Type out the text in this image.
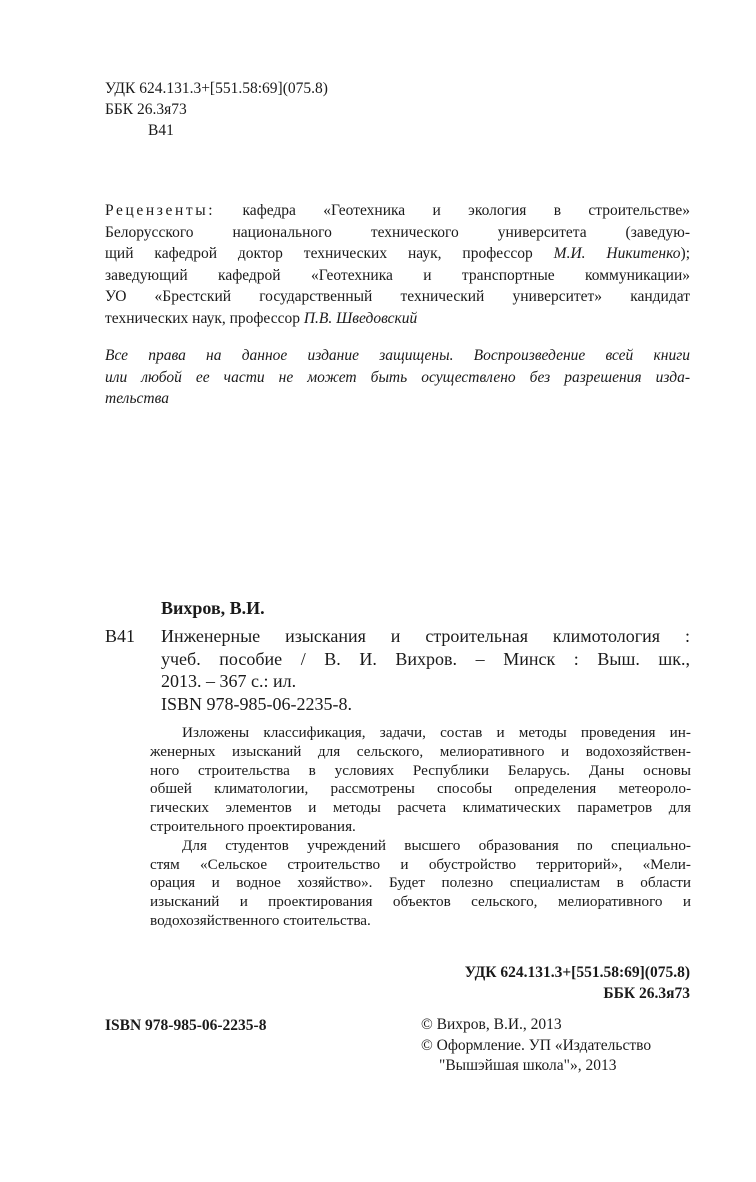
УДК 624.131.3+[551.58:69](075.8)
ББК 26.3я73
В41
Рецензенты: кафедра «Геотехника и экология в строительстве»
Белорусского национального технического университета (заведую-
щий кафедрой доктор технических наук, профессор М.И. Никитенко);
заведующий кафедрой «Геотехника и транспортные коммуникации»
УО «Брестский государственный технический университет» кандидат
технических наук, профессор П.В. Шведовский
Все права на данное издание защищены. Воспроизведение всей книги
или любой ее части не может быть осуществлено без разрешения изда-
тельства
Вихров, В.И.
В41 Инженерные изыскания и строительная климотология :
учеб. пособие / В. И. Вихров. – Минск : Выш. шк.,
2013. – 367 с.: ил.
ISBN 978-985-06-2235-8.
Изложены классификация, задачи, состав и методы проведения ин-
женерных изысканий для сельского, мелиоративного и водохозяйствен-
ного строительства в условиях Республики Беларусь. Даны основы
обшей климатологии, рассмотрены способы определения метеороло-
гических элементов и методы расчета климатических параметров для
строительного проектирования.
Для студентов учреждений высшего образования по специально-
стям «Сельское строительство и обустройство территорий», «Мели-
орация и водное хозяйство». Будет полезно специалистам в области
изысканий и проектирования объектов сельского, мелиоративного и
водохозяйственного стоительства.
УДК 624.131.3+[551.58:69](075.8)
ББК 26.3я73
ISBN 978-985-06-2235-8	© Вихров, В.И., 2013
© Оформление. УП «Издательство
"Вышэйшая школа"», 2013
